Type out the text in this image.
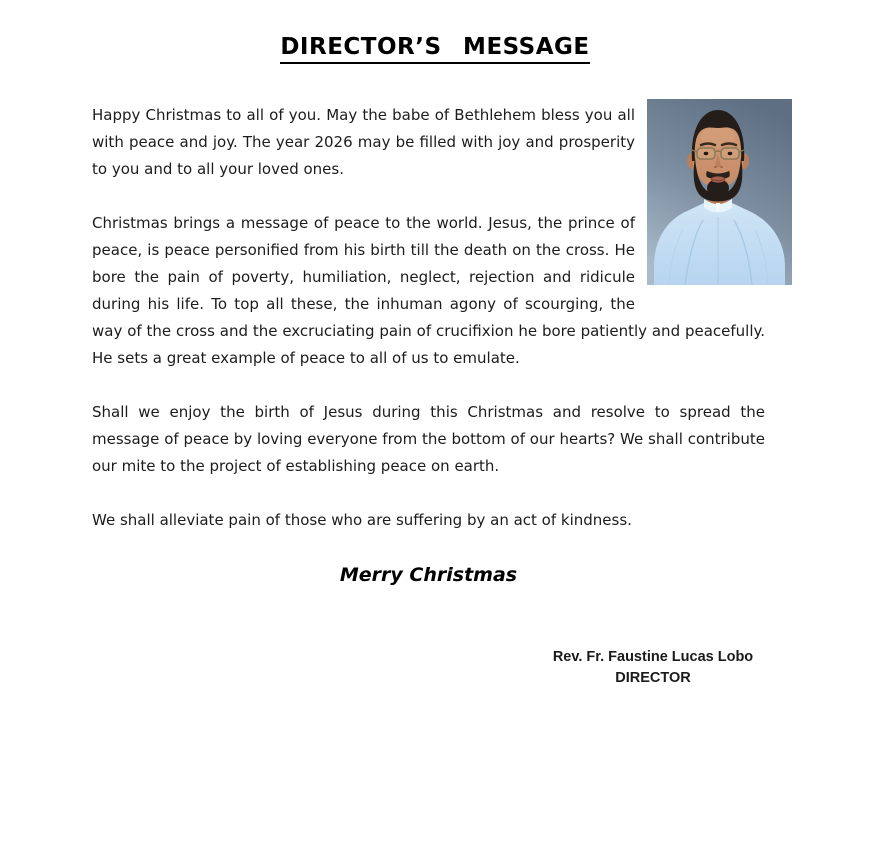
DIRECTOR’S MESSAGE

Happy Christmas to all of you. May the babe of Bethlehem bless you all with peace and joy. The year 2026 may be filled with joy and prosperity to you and to all your loved ones.

Christmas brings a message of peace to the world. Jesus, the prince of peace, is peace personified from his birth till the death on the cross. He bore the pain of poverty, humiliation, neglect, rejection and ridicule during his life. To top all these, the inhuman agony of scourging, the way of the cross and the excruciating pain of crucifixion he bore patiently and peacefully. He sets a great example of peace to all of us to emulate.

Shall we enjoy the birth of Jesus during this Christmas and resolve to spread the message of peace by loving everyone from the bottom of our hearts? We shall contribute our mite to the project of establishing peace on earth.

We shall alleviate pain of those who are suffering by an act of kindness.

Merry Christmas

Rev. Fr. Faustine Lucas Lobo
DIRECTOR
